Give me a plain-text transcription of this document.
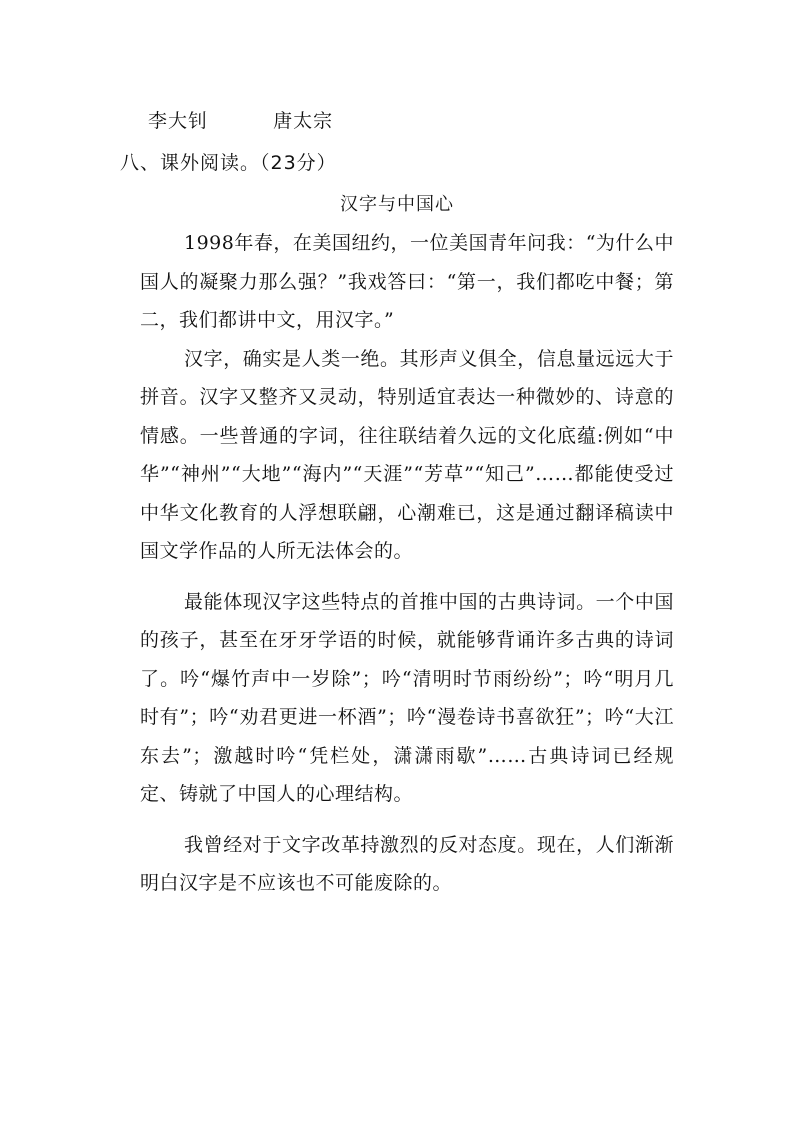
李大钊	唐太宗
八、课外阅读。（23分）
汉字与中国心

1998年春，在美国纽约，一位美国青年问我：“为什么中国人的凝聚力那么强？”我戏答曰：“第一，我们都吃中餐；第二，我们都讲中文，用汉字。”

汉字，确实是人类一绝。其形声义俱全，信息量远远大于拼音。汉字又整齐又灵动，特别适宜表达一种微妙的、诗意的情感。一些普通的字词，往往联结着久远的文化底蕴:例如“中华”“神州”“大地”“海内”“天涯”“芳草”“知己”……都能使受过中华文化教育的人浮想联翩，心潮难已，这是通过翻译稿读中国文学作品的人所无法体会的。

最能体现汉字这些特点的首推中国的古典诗词。一个中国的孩子，甚至在牙牙学语的时候，就能够背诵许多古典的诗词了。吟“爆竹声中一岁除”；吟“清明时节雨纷纷”；吟“明月几时有”；吟“劝君更进一杯酒”；吟“漫卷诗书喜欲狂”；吟“大江东去”；激越时吟“凭栏处，潇潇雨歇”……古典诗词已经规定、铸就了中国人的心理结构。

我曾经对于文字改革持激烈的反对态度。现在，人们渐渐明白汉字是不应该也不可能废除的。
